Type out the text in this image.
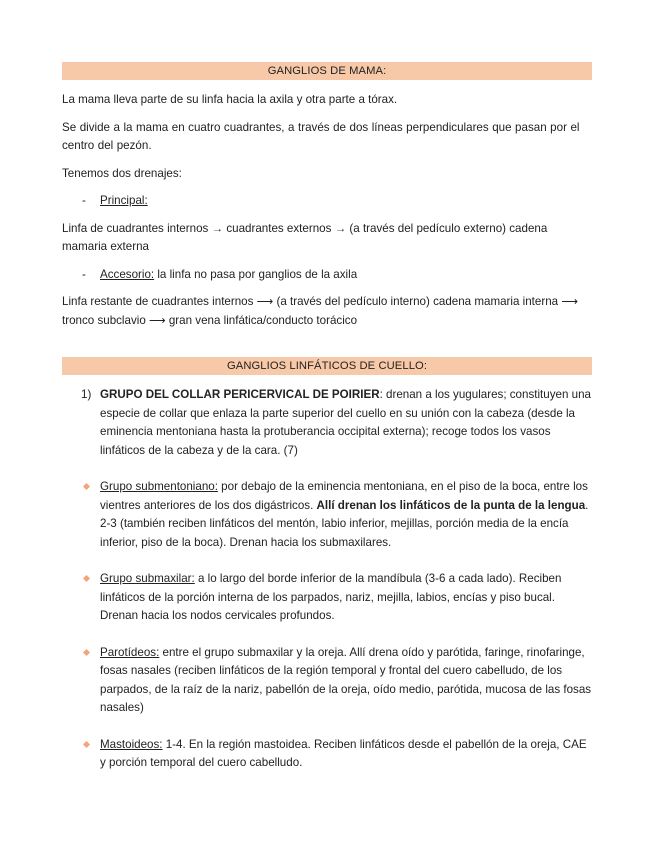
GANGLIOS DE MAMA:

La mama lleva parte de su linfa hacia la axila y otra parte a tórax.

Se divide a la mama en cuatro cuadrantes, a través de dos líneas perpendiculares que pasan por el centro del pezón.

Tenemos dos drenajes:

- Principal:

Linfa de cuadrantes internos → cuadrantes externos → (a través del pedículo externo) cadena mamaria externa

- Accesorio: la linfa no pasa por ganglios de la axila

Linfa restante de cuadrantes internos ⟶ (a través del pedículo interno) cadena mamaria interna ⟶ tronco subclavio ⟶ gran vena linfática/conducto torácico

GANGLIOS LINFÁTICOS DE CUELLO:
1) GRUPO DEL COLLAR PERICERVICAL DE POIRIER: drenan a los yugulares; constituyen una especie de collar que enlaza la parte superior del cuello en su unión con la cabeza (desde la eminencia mentoniana hasta la protuberancia occipital externa); recoge todos los vasos linfáticos de la cabeza y de la cara. (7)
Grupo submentoniano: por debajo de la eminencia mentoniana, en el piso de la boca, entre los vientres anteriores de los dos digástricos. Allí drenan los linfáticos de la punta de la lengua. 2-3 (también reciben linfáticos del mentón, labio inferior, mejillas, porción media de la encía inferior, piso de la boca). Drenan hacia los submaxilares.
Grupo submaxilar: a lo largo del borde inferior de la mandíbula (3-6 a cada lado). Reciben linfáticos de la porción interna de los parpados, nariz, mejilla, labios, encías y piso bucal. Drenan hacia los nodos cervicales profundos.
Parotídeos: entre el grupo submaxilar y la oreja. Allí drena oído y parótida, faringe, rinofaringe, fosas nasales (reciben linfáticos de la región temporal y frontal del cuero cabelludo, de los parpados, de la raíz de la nariz, pabellón de la oreja, oído medio, parótida, mucosa de las fosas nasales)
Mastoideos: 1-4. En la región mastoidea. Reciben linfáticos desde el pabellón de la oreja, CAE y porción temporal del cuero cabelludo.
